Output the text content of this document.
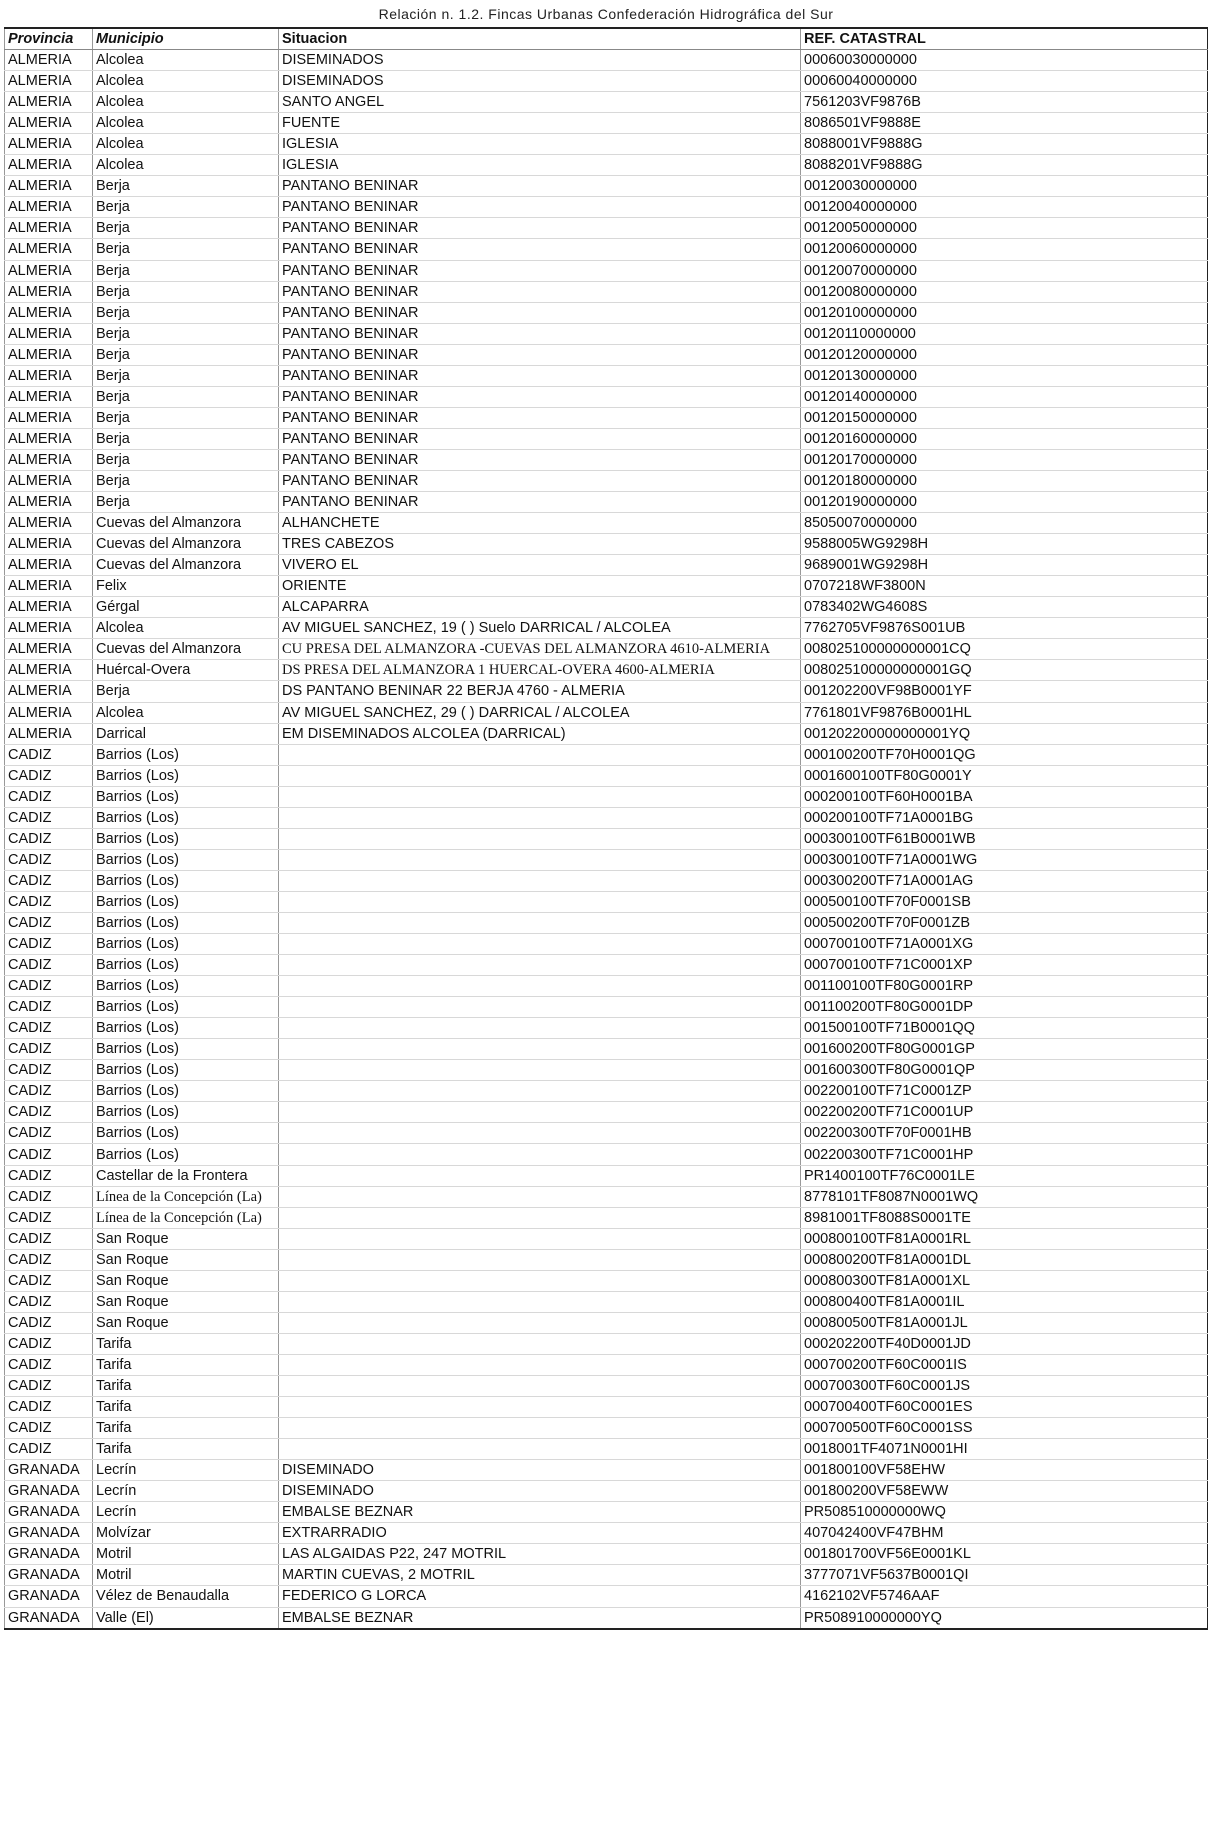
Relación n. 1.2. Fincas Urbanas Confederación Hidrográfica del Sur
Provincia	Municipio	Situacion	REF. CATASTRAL
ALMERIA	Alcolea	DISEMINADOS	00060030000000
ALMERIA	Alcolea	DISEMINADOS	00060040000000
ALMERIA	Alcolea	SANTO ANGEL	7561203VF9876B
ALMERIA	Alcolea	FUENTE	8086501VF9888E
ALMERIA	Alcolea	IGLESIA	8088001VF9888G
ALMERIA	Alcolea	IGLESIA	8088201VF9888G
ALMERIA	Berja	PANTANO BENINAR	00120030000000
ALMERIA	Berja	PANTANO BENINAR	00120040000000
ALMERIA	Berja	PANTANO BENINAR	00120050000000
ALMERIA	Berja	PANTANO BENINAR	00120060000000
ALMERIA	Berja	PANTANO BENINAR	00120070000000
ALMERIA	Berja	PANTANO BENINAR	00120080000000
ALMERIA	Berja	PANTANO BENINAR	00120100000000
ALMERIA	Berja	PANTANO BENINAR	00120110000000
ALMERIA	Berja	PANTANO BENINAR	00120120000000
ALMERIA	Berja	PANTANO BENINAR	00120130000000
ALMERIA	Berja	PANTANO BENINAR	00120140000000
ALMERIA	Berja	PANTANO BENINAR	00120150000000
ALMERIA	Berja	PANTANO BENINAR	00120160000000
ALMERIA	Berja	PANTANO BENINAR	00120170000000
ALMERIA	Berja	PANTANO BENINAR	00120180000000
ALMERIA	Berja	PANTANO BENINAR	00120190000000
ALMERIA	Cuevas del Almanzora	ALHANCHETE	85050070000000
ALMERIA	Cuevas del Almanzora	TRES CABEZOS	9588005WG9298H
ALMERIA	Cuevas del Almanzora	VIVERO EL	9689001WG9298H
ALMERIA	Felix	ORIENTE	0707218WF3800N
ALMERIA	Gérgal	ALCAPARRA	0783402WG4608S
ALMERIA	Alcolea	AV MIGUEL SANCHEZ, 19 ( ) Suelo DARRICAL / ALCOLEA	7762705VF9876S001UB
ALMERIA	Cuevas del Almanzora	CU PRESA DEL ALMANZORA -CUEVAS DEL ALMANZORA 4610-ALMERIA	008025100000000001CQ
ALMERIA	Huércal-Overa	DS PRESA DEL ALMANZORA 1 HUERCAL-OVERA 4600-ALMERIA	008025100000000001GQ
ALMERIA	Berja	DS PANTANO BENINAR 22 BERJA 4760 - ALMERIA	001202200VF98B0001YF
ALMERIA	Alcolea	AV MIGUEL SANCHEZ, 29 ( ) DARRICAL / ALCOLEA	7761801VF9876B0001HL
ALMERIA	Darrical	EM DISEMINADOS ALCOLEA (DARRICAL)	001202200000000001YQ
CADIZ	Barrios (Los)		000100200TF70H0001QG
CADIZ	Barrios (Los)		0001600100TF80G0001Y
CADIZ	Barrios (Los)		000200100TF60H0001BA
CADIZ	Barrios (Los)		000200100TF71A0001BG
CADIZ	Barrios (Los)		000300100TF61B0001WB
CADIZ	Barrios (Los)		000300100TF71A0001WG
CADIZ	Barrios (Los)		000300200TF71A0001AG
CADIZ	Barrios (Los)		000500100TF70F0001SB
CADIZ	Barrios (Los)		000500200TF70F0001ZB
CADIZ	Barrios (Los)		000700100TF71A0001XG
CADIZ	Barrios (Los)		000700100TF71C0001XP
CADIZ	Barrios (Los)		001100100TF80G0001RP
CADIZ	Barrios (Los)		001100200TF80G0001DP
CADIZ	Barrios (Los)		001500100TF71B0001QQ
CADIZ	Barrios (Los)		001600200TF80G0001GP
CADIZ	Barrios (Los)		001600300TF80G0001QP
CADIZ	Barrios (Los)		002200100TF71C0001ZP
CADIZ	Barrios (Los)		002200200TF71C0001UP
CADIZ	Barrios (Los)		002200300TF70F0001HB
CADIZ	Barrios (Los)		002200300TF71C0001HP
CADIZ	Castellar de la Frontera		PR1400100TF76C0001LE
CADIZ	Línea de la Concepción (La)		8778101TF8087N0001WQ
CADIZ	Línea de la Concepción (La)		8981001TF8088S0001TE
CADIZ	San Roque		000800100TF81A0001RL
CADIZ	San Roque		000800200TF81A0001DL
CADIZ	San Roque		000800300TF81A0001XL
CADIZ	San Roque		000800400TF81A0001IL
CADIZ	San Roque		000800500TF81A0001JL
CADIZ	Tarifa		000202200TF40D0001JD
CADIZ	Tarifa		000700200TF60C0001IS
CADIZ	Tarifa		000700300TF60C0001JS
CADIZ	Tarifa		000700400TF60C0001ES
CADIZ	Tarifa		000700500TF60C0001SS
CADIZ	Tarifa		0018001TF4071N0001HI
GRANADA	Lecrín	DISEMINADO	001800100VF58EHW
GRANADA	Lecrín	DISEMINADO	001800200VF58EWW
GRANADA	Lecrín	EMBALSE BEZNAR	PR508510000000WQ
GRANADA	Molvízar	EXTRARRADIO	407042400VF47BHM
GRANADA	Motril	LAS ALGAIDAS P22, 247 MOTRIL	001801700VF56E0001KL
GRANADA	Motril	MARTIN CUEVAS, 2 MOTRIL	3777071VF5637B0001QI
GRANADA	Vélez de Benaudalla	FEDERICO G LORCA	4162102VF5746AAF
GRANADA	Valle (El)	EMBALSE BEZNAR	PR508910000000YQ
